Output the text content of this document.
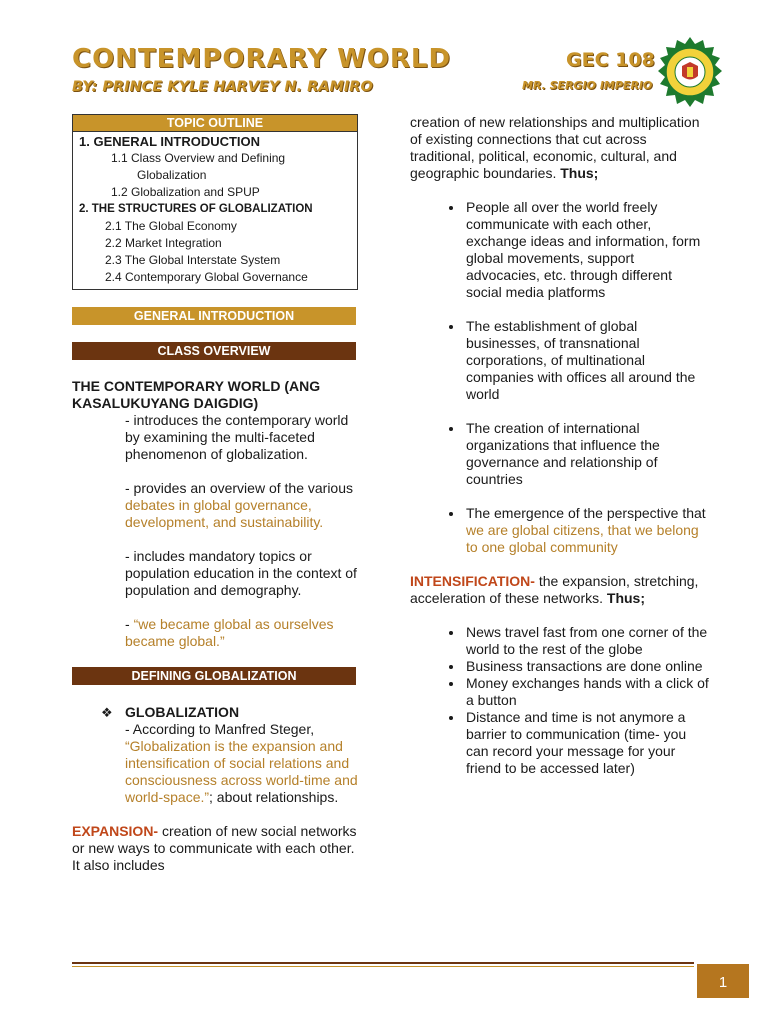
CONTEMPORARY WORLD
BY: PRINCE KYLE HARVEY N. RAMIRO
GEC 108
MR. SERGIO IMPERIO
TOPIC OUTLINE
1. GENERAL INTRODUCTION
1.1 Class Overview and Defining
Globalization
1.2 Globalization and SPUP
2. THE STRUCTURES OF GLOBALIZATION
2.1 The Global Economy
2.2 Market Integration
2.3 The Global Interstate System
2.4 Contemporary Global Governance
GENERAL INTRODUCTION
CLASS OVERVIEW
THE CONTEMPORARY WORLD (ANG KASALUKUYANG DAIGDIG)
- introduces the contemporary world by examining the multi-faceted phenomenon of globalization.
- provides an overview of the various debates in global governance, development, and sustainability.
- includes mandatory topics or population education in the context of population and demography.
- “we became global as ourselves became global.”
DEFINING GLOBALIZATION
❖ GLOBALIZATION
- According to Manfred Steger, “Globalization is the expansion and intensification of social relations and consciousness across world-time and world-space.”; about relationships.
EXPANSION- creation of new social networks or new ways to communicate with each other. It also includes
creation of new relationships and multiplication of existing connections that cut across traditional, political, economic, cultural, and geographic boundaries. Thus;
• People all over the world freely communicate with each other, exchange ideas and information, form global movements, support advocacies, etc. through different social media platforms
• The establishment of global businesses, of transnational corporations, of multinational companies with offices all around the world
• The creation of international organizations that influence the governance and relationship of countries
• The emergence of the perspective that we are global citizens, that we belong to one global community
INTENSIFICATION- the expansion, stretching, acceleration of these networks. Thus;
• News travel fast from one corner of the world to the rest of the globe
• Business transactions are done online
• Money exchanges hands with a click of a button
• Distance and time is not anymore a barrier to communication (time- you can record your message for your friend to be accessed later)
1
